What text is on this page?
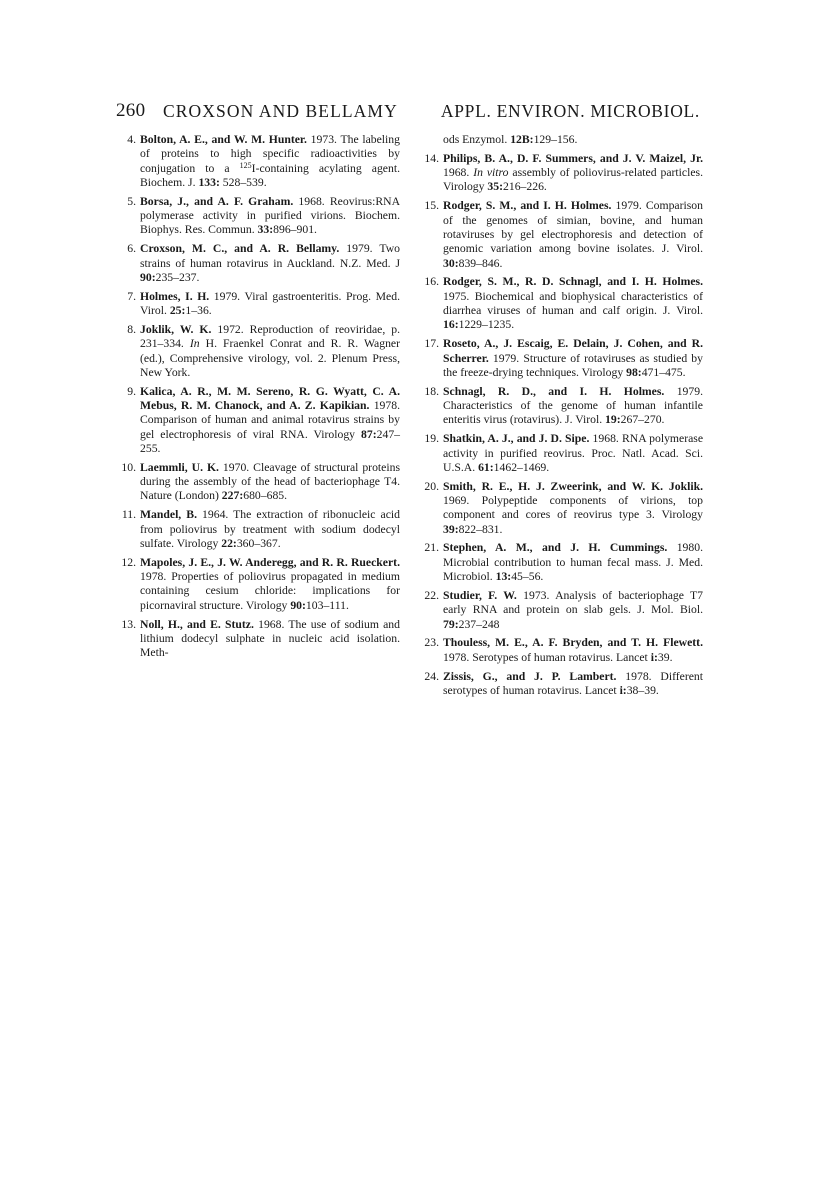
260 CROXSON AND BELLAMY APPL. ENVIRON. MICROBIOL.
4. Bolton, A. E., and W. M. Hunter. 1973. The labeling of proteins to high specific radioactivities by conjugation to a $^{125}$I-containing acylating agent. Biochem. J. 133: 528–539.
5. Borsa, J., and A. F. Graham. 1968. Reovirus:RNA polymerase activity in purified virions. Biochem. Biophys. Res. Commun. 33:896–901.
6. Croxson, M. C., and A. R. Bellamy. 1979. Two strains of human rotavirus in Auckland. N.Z. Med. J 90:235–237.
7. Holmes, I. H. 1979. Viral gastroenteritis. Prog. Med. Virol. 25:1–36.
8. Joklik, W. K. 1972. Reproduction of reoviridae, p. 231–334. In H. Fraenkel Conrat and R. R. Wagner (ed.), Comprehensive virology, vol. 2. Plenum Press, New York.
9. Kalica, A. R., M. M. Sereno, R. G. Wyatt, C. A. Mebus, R. M. Chanock, and A. Z. Kapikian. 1978. Comparison of human and animal rotavirus strains by gel electrophoresis of viral RNA. Virology 87:247–255.
10. Laemmli, U. K. 1970. Cleavage of structural proteins during the assembly of the head of bacteriophage T4. Nature (London) 227:680–685.
11. Mandel, B. 1964. The extraction of ribonucleic acid from poliovirus by treatment with sodium dodecyl sulfate. Virology 22:360–367.
12. Mapoles, J. E., J. W. Anderegg, and R. R. Rueckert. 1978. Properties of poliovirus propagated in medium containing cesium chloride: implications for picornaviral structure. Virology 90:103–111.
13. Noll, H., and E. Stutz. 1968. The use of sodium and lithium dodecyl sulphate in nucleic acid isolation. Meth-
ods Enzymol. 12B:129–156.
14. Philips, B. A., D. F. Summers, and J. V. Maizel, Jr. 1968. In vitro assembly of poliovirus-related particles. Virology 35:216–226.
15. Rodger, S. M., and I. H. Holmes. 1979. Comparison of the genomes of simian, bovine, and human rotaviruses by gel electrophoresis and detection of genomic variation among bovine isolates. J. Virol. 30:839–846.
16. Rodger, S. M., R. D. Schnagl, and I. H. Holmes. 1975. Biochemical and biophysical characteristics of diarrhea viruses of human and calf origin. J. Virol. 16:1229–1235.
17. Roseto, A., J. Escaig, E. Delain, J. Cohen, and R. Scherrer. 1979. Structure of rotaviruses as studied by the freeze-drying techniques. Virology 98:471–475.
18. Schnagl, R. D., and I. H. Holmes. 1979. Characteristics of the genome of human infantile enteritis virus (rotavirus). J. Virol. 19:267–270.
19. Shatkin, A. J., and J. D. Sipe. 1968. RNA polymerase activity in purified reovirus. Proc. Natl. Acad. Sci. U.S.A. 61:1462–1469.
20. Smith, R. E., H. J. Zweerink, and W. K. Joklik. 1969. Polypeptide components of virions, top component and cores of reovirus type 3. Virology 39:822–831.
21. Stephen, A. M., and J. H. Cummings. 1980. Microbial contribution to human fecal mass. J. Med. Microbiol. 13:45–56.
22. Studier, F. W. 1973. Analysis of bacteriophage T7 early RNA and protein on slab gels. J. Mol. Biol. 79:237–248
23. Thouless, M. E., A. F. Bryden, and T. H. Flewett. 1978. Serotypes of human rotavirus. Lancet i:39.
24. Zissis, G., and J. P. Lambert. 1978. Different serotypes of human rotavirus. Lancet i:38–39.
